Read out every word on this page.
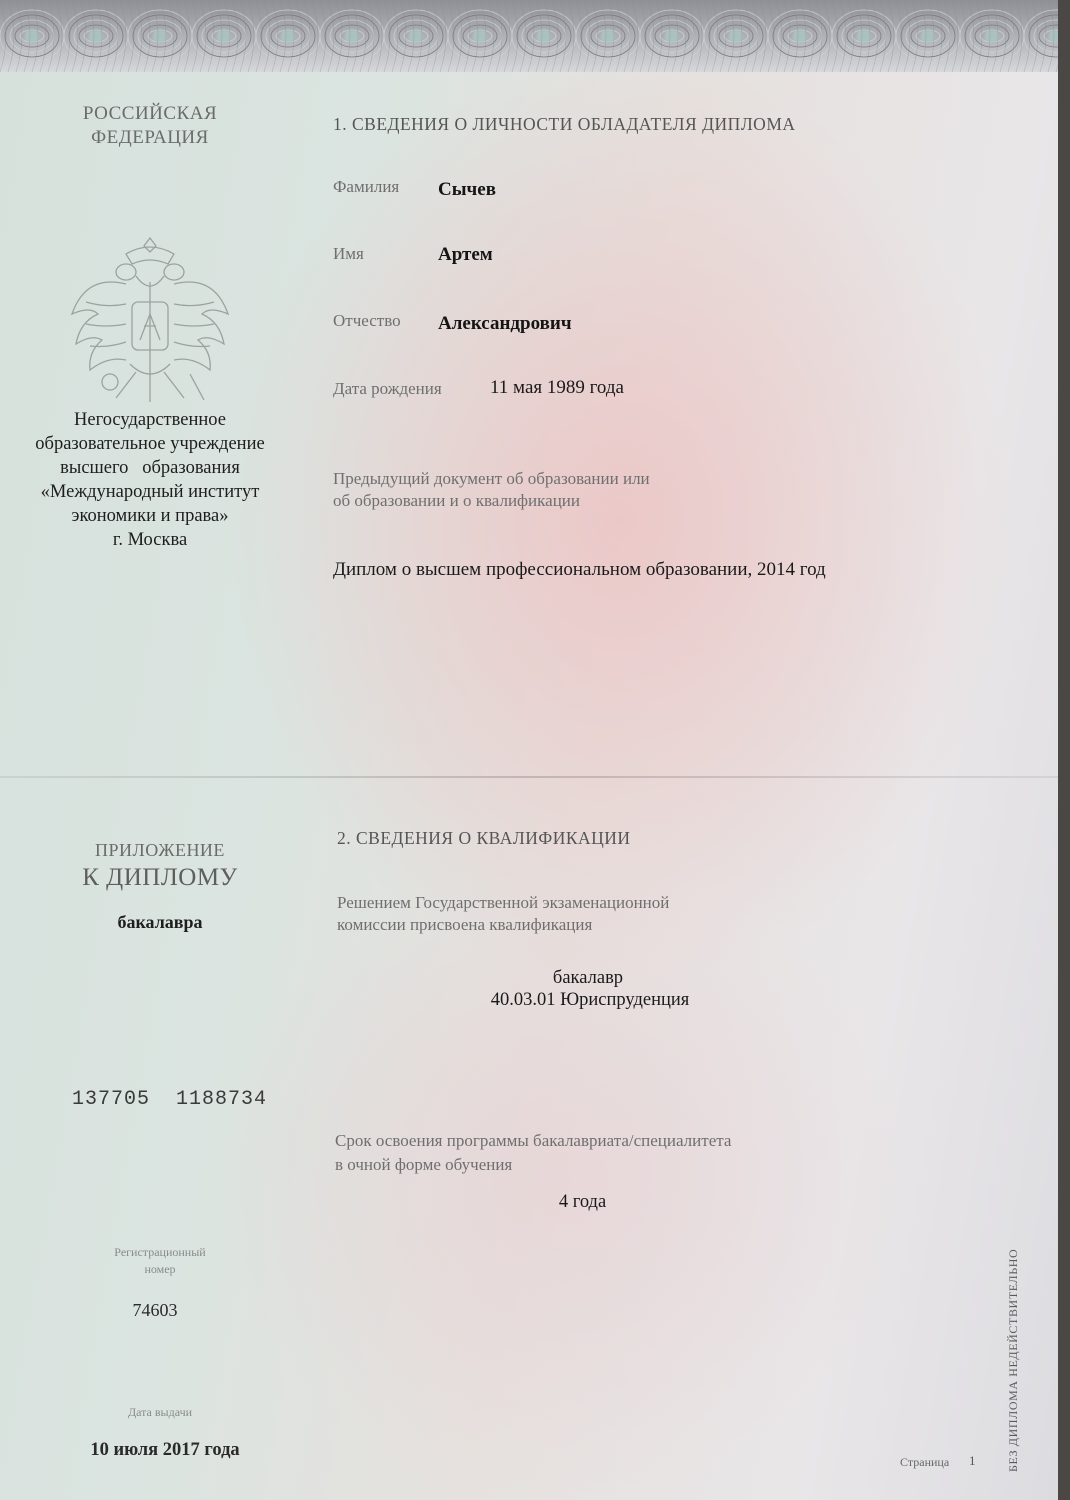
РОССИЙСКАЯ
ФЕДЕРАЦИЯ
Негосударственное
образовательное учреждение
высшего   образования
«Международный институт
экономики и права»
г. Москва
ПРИЛОЖЕНИЕ
К ДИПЛОМУ
бакалавра
137705  1188734
Регистрационный
номер
74603
Дата выдачи
10 июля 2017 года
1. СВЕДЕНИЯ О ЛИЧНОСТИ ОБЛАДАТЕЛЯ ДИПЛОМА
Фамилия Сычев
Имя	Артем
Отчество Александрович
Дата рождения	11 мая 1989 года
Предыдущий документ об образовании или
об образовании и о квалификации
Диплом о высшем профессиональном образовании, 2014 год
2. СВЕДЕНИЯ О КВАЛИФИКАЦИИ
Решением Государственной экзаменационной
комиссии присвоена квалификация
бакалавр
40.03.01 Юриспруденция
Срок освоения программы бакалавриата/специалитета
в очной форме обучения
4 года
Страница 1	БЕЗ ДИПЛОМА НЕДЕЙСТВИТЕЛЬНО
